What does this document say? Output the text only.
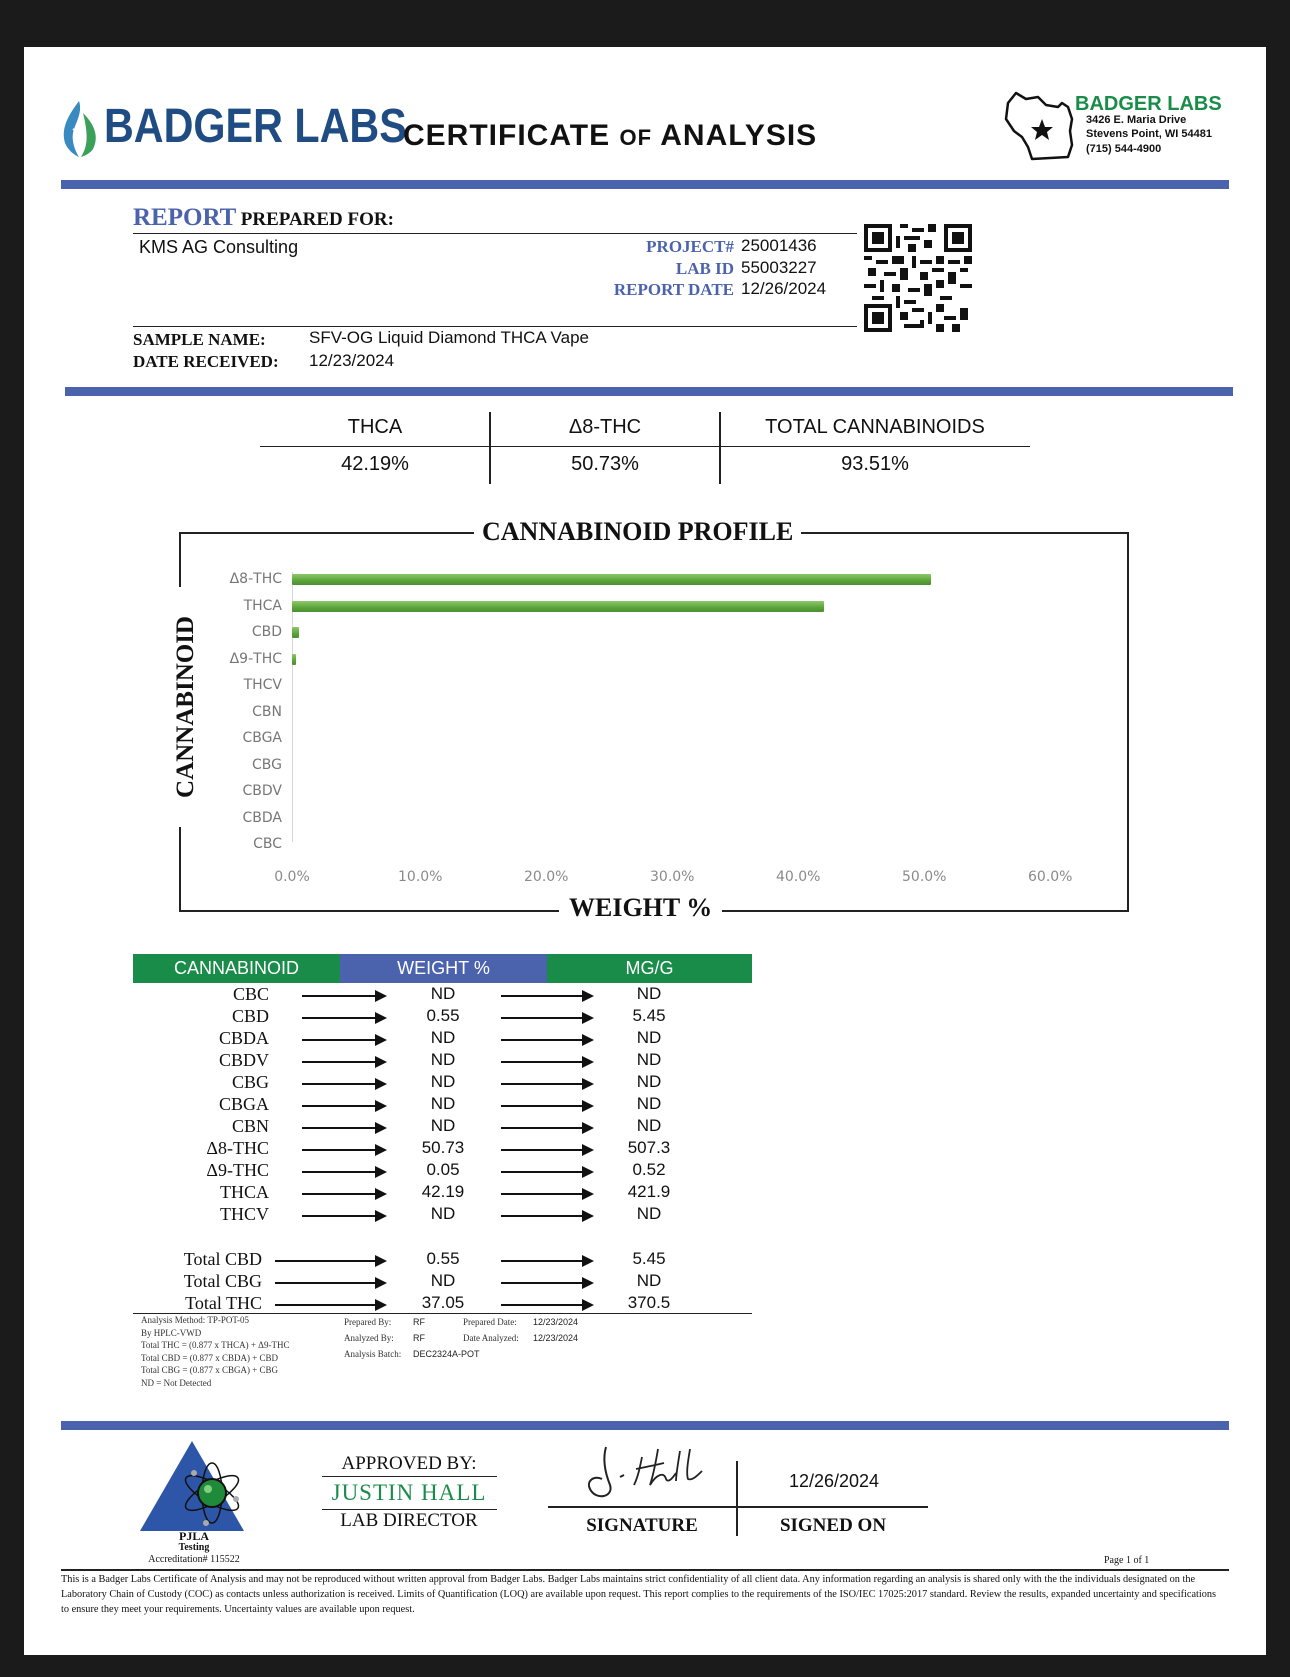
BADGER LABS
CERTIFICATE OF ANALYSIS
BADGER LABS
3426 E. Maria Drive
Stevens Point, WI 54481
(715) 544-4900
REPORT PREPARED FOR:
KMS AG Consulting	PROJECT# 25001436
LAB ID 55003227
REPORT DATE 12/26/2024
SAMPLE NAME:	SFV-OG Liquid Diamond THCA Vape
DATE RECEIVED: 12/23/2024
THCA	Δ8-THC	TOTAL CANNABINOIDS
42.19%	50.73%	93.51%
CANNABINOID PROFILE
WEIGHT %
CANNABINOID
Δ8-THC
THCA
CBD
Δ9-THC
THCV
CBN
CBGA
CBG
CBDV
CBDA
CBC
0.0%	10.0%	20.0%	30.0%	40.0%	50.0%	60.0%
CANNABINOID	WEIGHT %	MG/G
CBC	ND	ND
CBD	0.55	5.45
CBDA	ND	ND
CBDV	ND	ND
CBG	ND	ND
CBGA	ND	ND
CBN	ND	ND
Δ8-THC	50.73	507.3
Δ9-THC	0.05	0.52
THCA	42.19	421.9
THCV	ND	ND
Total CBD	0.55	5.45
Total CBG	ND	ND
Total THC	37.05	370.5
Analysis Method: TP-POT-05
By HPLC-VWD
Total THC = (0.877 x THCA) + Δ9-THC
Total CBD = (0.877 x CBDA) + CBD
Total CBG = (0.877 x CBGA) + CBG
ND = Not Detected
Prepared By: RF
Analyzed By: RF
Analysis Batch: DEC2324A-POT
Prepared Date: 12/23/2024
Date Analyzed: 12/23/2024
PJLA
Testing
Accreditation# 115522
APPROVED BY:
JUSTIN HALL
LAB DIRECTOR
12/26/2024
SIGNATURE	SIGNED ON
Page 1 of 1
This is a Badger Labs Certificate of Analysis and may not be reproduced without written approval from Badger Labs. Badger Labs maintains strict confidentiality of all client data. Any information regarding an analysis is shared only with the the individuals designated on the Laboratory Chain of Custody (COC) as contacts unless authorization is received. Limits of Quantification (LOQ) are available upon request. This report complies to the requirements of the ISO/IEC 17025:2017 standard. Review the results, expanded uncertainty and specifications to ensure they meet your requirements. Uncertainty values are available upon request.
